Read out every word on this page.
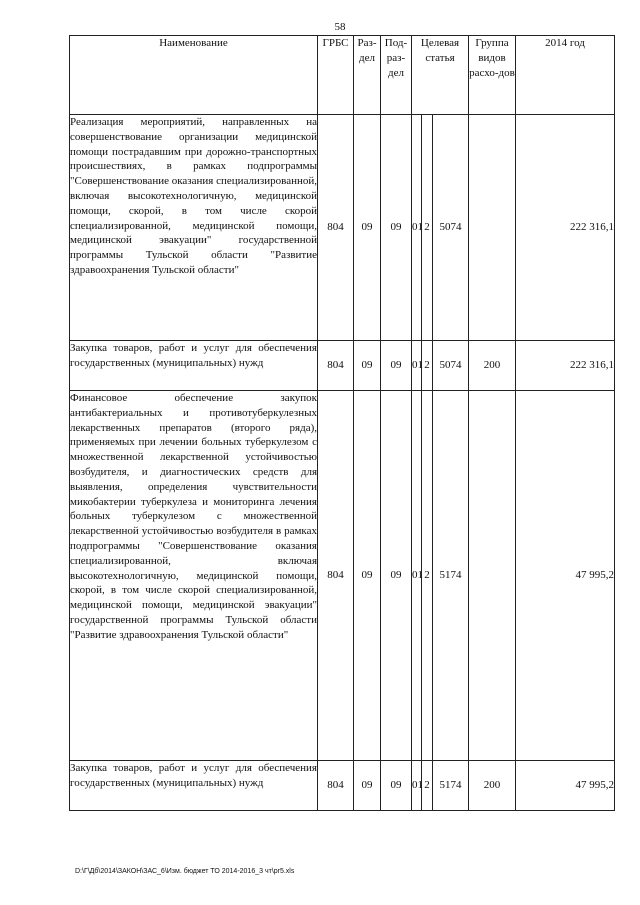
58
Наименование	ГРБС	Раз-дел	Под-раз-дел	Целевая статья			Группа видов расхо-дов	2014 год
Реализация мероприятий, направленных на совершенствование организации медицинской помощи пострадавшим при дорожно-транспортных происшествиях, в рамках подпрограммы "Совершенствование оказания специализированной, включая высокотехнологичную, медицинской помощи, скорой, в том числе скорой специализированной, медицинской помощи, медицинской эвакуации" государственной программы Тульской области "Развитие здравоохранения Тульской области"	804	09	09	01	2	5074		222 316,1
Закупка товаров, работ и услуг для обеспечения государственных (муниципальных) нужд	804	09	09	01	2	5074	200	222 316,1
Финансовое обеспечение закупок антибактериальных и противотуберкулезных лекарственных препаратов (второго ряда), применяемых при лечении больных туберкулезом с множественной лекарственной устойчивостью возбудителя, и диагностических средств для выявления, определения чувствительности микобактерии туберкулеза и мониторинга лечения больных туберкулезом с множественной лекарственной устойчивостью возбудителя в рамках подпрограммы "Совершенствование оказания специализированной, включая высокотехнологичную, медицинской помощи, скорой, в том числе скорой специализированной, медицинской помощи, медицинской эвакуации" государственной программы Тульской области "Развитие здравоохранения Тульской области"	804	09	09	01	2	5174		47 995,2
Закупка товаров, работ и услуг для обеспечения государственных (муниципальных) нужд	804	09	09	01	2	5174	200	47 995,2
D:\Г\Дб\2014\ЗАКОН\ЗАС_6\Изм. бюджет ТО 2014-2016_3 чт\pr5.xls
